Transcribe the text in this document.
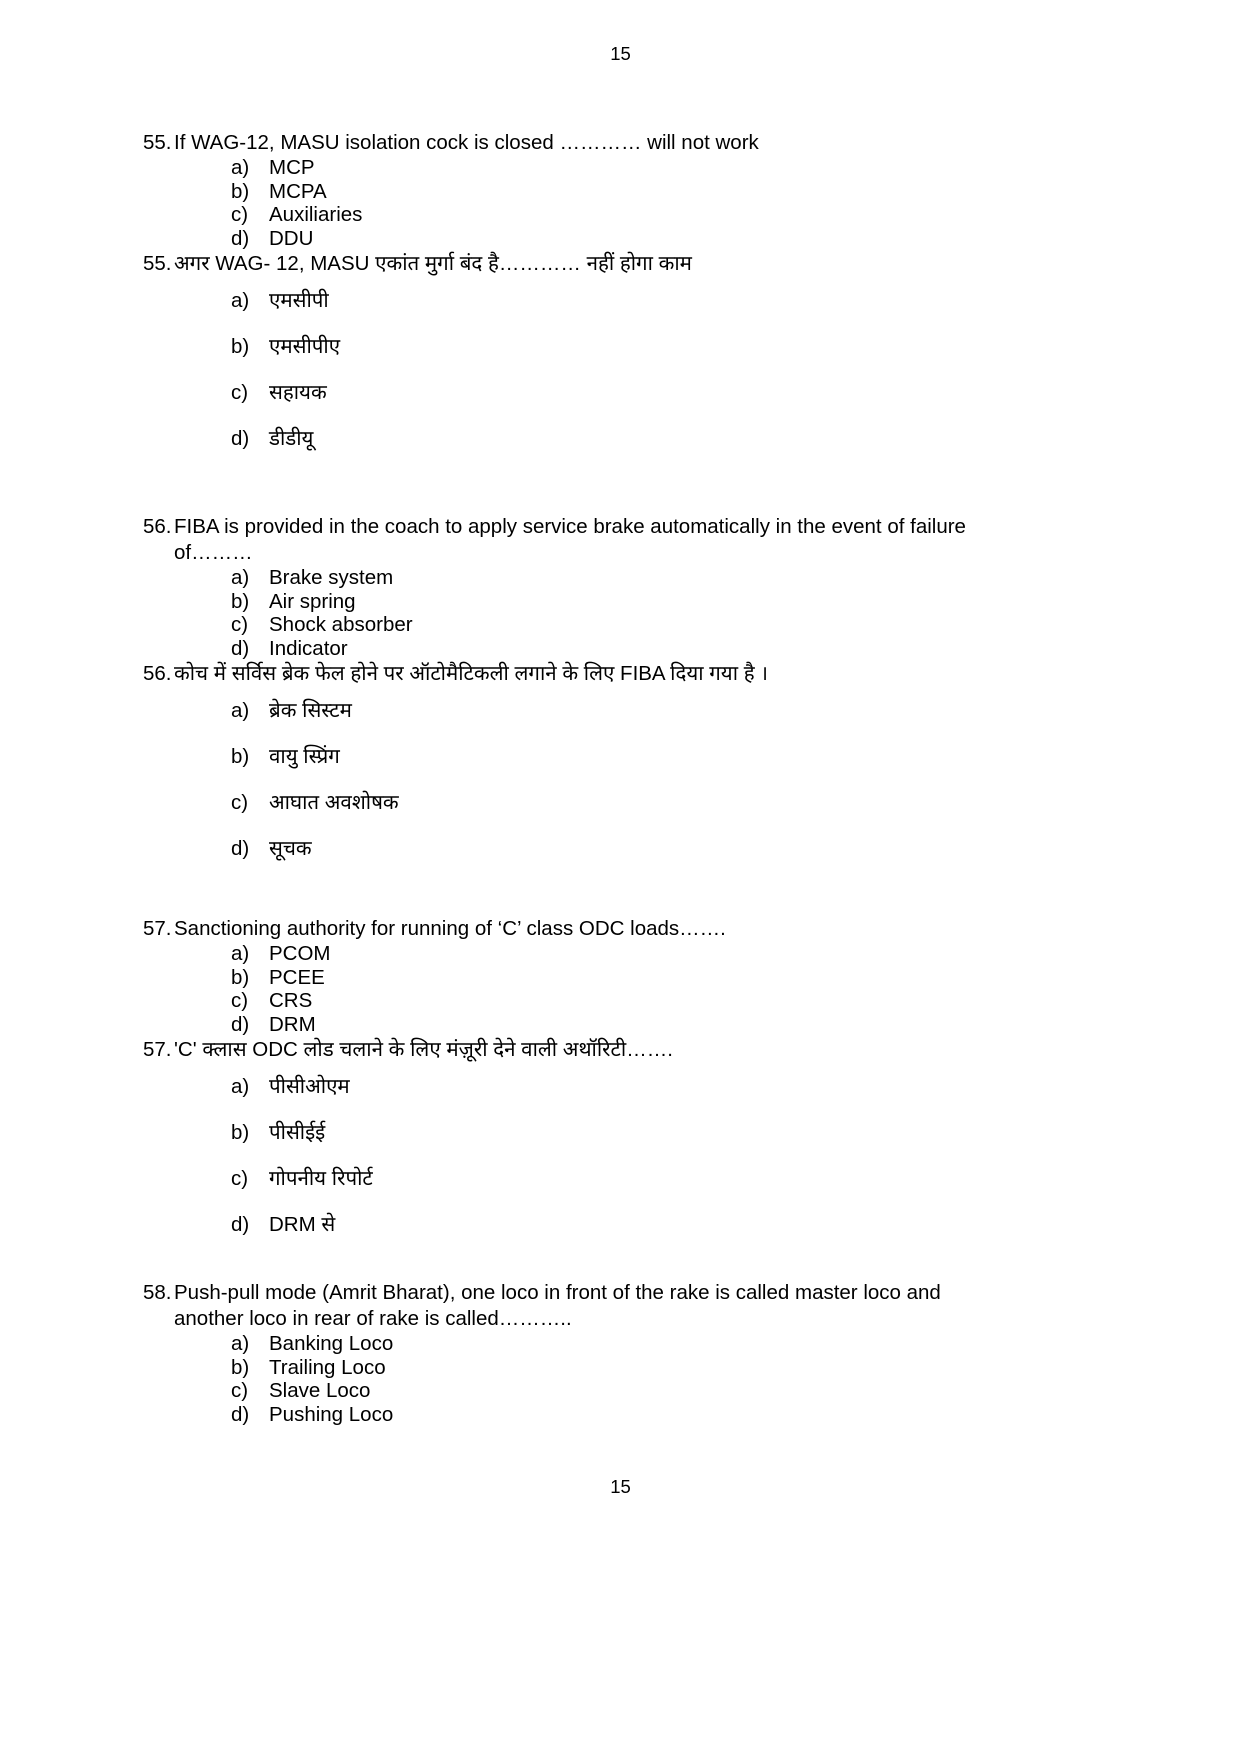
15

55. If WAG-12, MASU isolation cock is closed ………… will not work

a) MCP
b) MCPA
c)	Auxiliaries
d) DDU

55. अगर WAG- 12, MASU एकांत मुर्गा बंद है………… नहीं होगा काम

a) एमसीपी
b) एमसीपीए
c)	सहायक
d) डीडीयू

56. FIBA is provided in the coach to apply service brake automatically in the event of failure of………

a) Brake system
b) Air spring
c)	Shock absorber
d) Indicator

56. कोच में सर्विस ब्रेक फेल होने पर ऑटोमैटिकली लगाने के लिए FIBA दिया गया है ।

a) ब्रेक सिस्टम
b) वायु स्प्रिंग
c)	आघात अवशोषक
d) सूचक

57.Sanctioning authority for running of ‘C’ class ODC loads…….

a) PCOM
b) PCEE
c)	CRS
d) DRM

57.'C' क्लास ODC लोड चलाने के लिए मंज़ूरी देने वाली अथॉरिटी…….

a) पीसीओएम
b) पीसीईई
c)	गोपनीय रिपोर्ट
d) DRM से

58.Push-pull mode (Amrit Bharat), one loco in front of the rake is called master loco and another loco in rear of rake is called………..

a) Banking Loco
b) Trailing Loco
c)	Slave Loco
d) Pushing Loco
15
